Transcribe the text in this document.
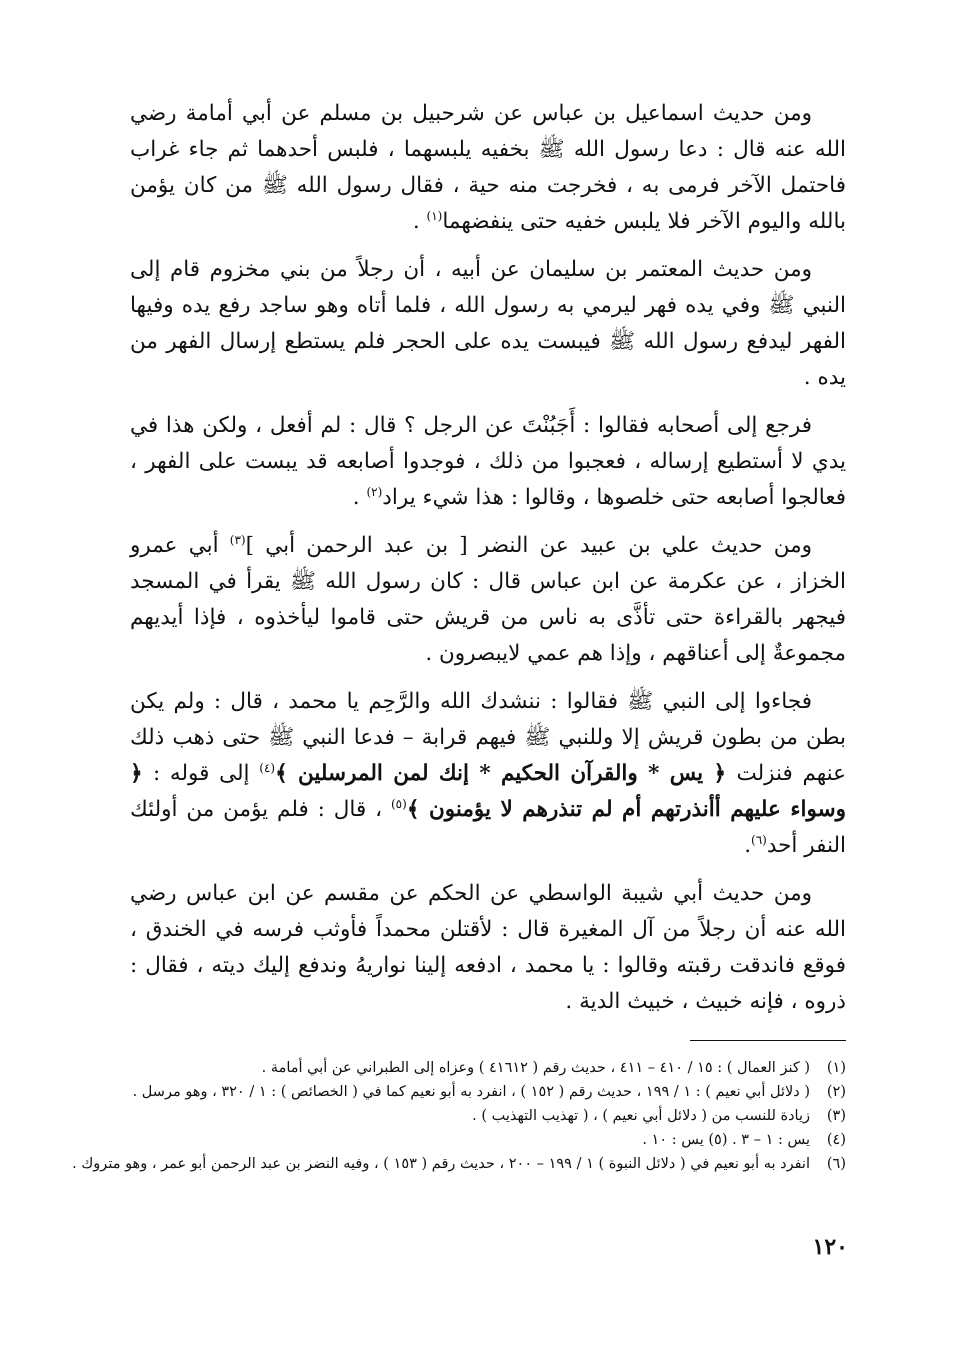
ومن حديث اسماعيل بن عباس عن شرحبيل بن مسلم عن أبي أمامة رضي الله عنه قال : دعا رسول الله ﷺ بخفيه يلبسهما ، فلبس أحدهما ثم جاء غراب فاحتمل الآخر فرمى به ، فخرجت منه حية ، فقال رسول الله ﷺ من كان يؤمن بالله واليوم الآخر فلا يلبس خفيه حتى ينفضهما$^{(١)}$ .

ومن حديث المعتمر بن سليمان عن أبيه ، أن رجلاً من بني مخزوم قام إلى النبي ﷺ وفي يده فهر ليرمي به رسول الله ، فلما أتاه وهو ساجد رفع يده وفيها الفهر ليدفع رسول الله ﷺ فيبست يده على الحجر فلم يستطع إرسال الفهر من يده .

فرجع إلى أصحابه فقالوا : أَجَبُنْتَ عن الرجل ؟ قال : لم أفعل ، ولكن هذا في يدي لا أستطيع إرساله ، فعجبوا من ذلك ، فوجدوا أصابعه قد يبست على الفهر ، فعالجوا أصابعه حتى خلصوها ، وقالوا : هذا شيء يراد$^{(٢)}$ .

ومن حديث علي بن عبيد عن النضر [ بن عبد الرحمن أبي ]$^{(٣)}$ أبي عمرو الخزاز ، عن عكرمة عن ابن عباس قال : كان رسول الله ﷺ يقرأ في المسجد فيجهر بالقراءة حتى تأذَّى به ناس من قريش حتى قاموا ليأخذوه ، فإذا أيديهم مجموعةٌ إلى أعناقهم ، وإذا هم عمي لايبصرون .

فجاءوا إلى النبي ﷺ فقالوا : ننشدك الله والرَّحِم يا محمد ، قال : ولم يكن بطن من بطون قريش إلا وللنبي ﷺ فيهم قرابة – فدعا النبي ﷺ حتى ذهب ذلك عنهم فنزلت ﴿ يس * والقرآن الحكيم * إنك لمن المرسلين ﴾$^{(٤)}$ إلى قوله : ﴿ وسواء عليهم أأنذرتهم أم لم تنذرهم لا يؤمنون ﴾$^{(٥)}$ ، قال : فلم يؤمن من أولئك النفر أحد$^{(٦)}$.

ومن حديث أبي شيبة الواسطي عن الحكم عن مقسم عن ابن عباس رضي الله عنه أن رجلاً من آل المغيرة قال : لأقتلن محمداً فأوثب فرسه في الخندق ، فوقع فاندقت رقبته وقالوا : يا محمد ، ادفعه إلينا نواريهُ وندفع إليك ديته ، فقال : ذروه ، فإنه خبيث ، خبيث الدية .

(١)
( كنز العمال ) : ١٥ / ٤١٠ – ٤١١ ، حديث رقم ( ٤١٦١٢ ) وعزاه إلى الطبراني عن أبي أمامة .
(٢)
( دلائل أبي نعيم ) : ١ / ١٩٩ ، حديث رقم ( ١٥٢ ) ، انفرد به أبو نعيم كما في ( الخصائص ) : ١ / ٣٢٠ ، وهو مرسل .
(٣)
زيادة للنسب من ( دلائل أبي نعيم ) ، ( تهذيب التهذيب ) .
(٤)
يس : ١ – ٣ . (٥) يس : ١٠ .
(٦)
انفرد به أبو نعيم في ( دلائل النبوة ) ١ / ١٩٩ – ٢٠٠ ، حديث رقم ( ١٥٣ ) ، وفيه النضر بن عبد الرحمن أبو عمر ، وهو متروك .
١٢٠
